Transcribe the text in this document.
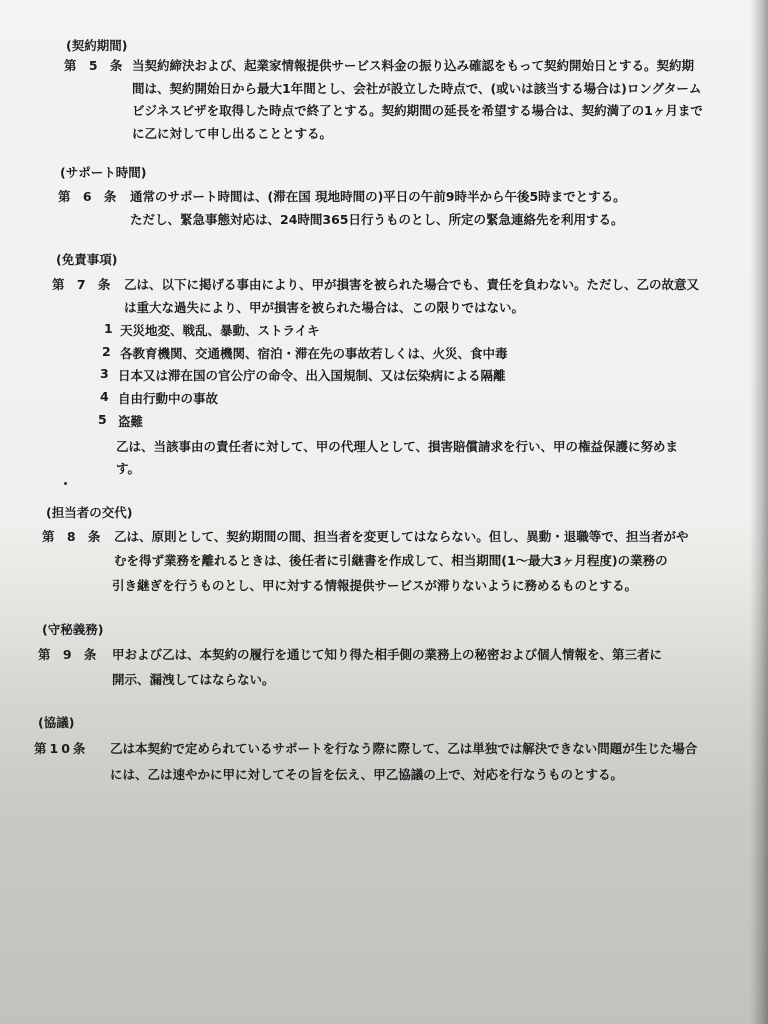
(契約期間)
第 5 条 当契約締決および、起業家情報提供サービス料金の振り込み確認をもって契約開始日とする。契約期
間は、契約開始日から最大1年間とし、会社が設立した時点で、(或いは該当する場合は)ロングターム
ビジネスビザを取得した時点で終了とする。契約期間の延長を希望する場合は、契約満了の1ヶ月まで
に乙に対して申し出ることとする。
(サポート時間)
第 6 条 通常のサポート時間は、(滞在国 現地時間の)平日の午前9時半から午後5時までとする。
ただし、緊急事態対応は、24時間365日行うものとし、所定の緊急連絡先を利用する。
(免責事項)
第 7 条 乙は、以下に掲げる事由により、甲が損害を被られた場合でも、責任を負わない。ただし、乙の故意又
は重大な過失により、甲が損害を被られた場合は、この限りではない。
1 天災地変、戦乱、暴動、ストライキ
2 各教育機関、交通機関、宿泊・滞在先の事故若しくは、火災、食中毒
3 日本又は滞在国の官公庁の命令、出入国規制、又は伝染病による隔離
4 自由行動中の事故
5 盗難
乙は、当該事由の責任者に対して、甲の代理人として、損害賠償請求を行い、甲の権益保護に努めま
す。
(担当者の交代)
第 8 条 乙は、原則として、契約期間の間、担当者を変更してはならない。但し、異動・退職等で、担当者がや
むを得ず業務を離れるときは、後任者に引継書を作成して、相当期間(1～最大3ヶ月程度)の業務の
引き継ぎを行うものとし、甲に対する情報提供サービスが滞りないように務めるものとする。
(守秘義務)
第 9 条 甲および乙は、本契約の履行を通じて知り得た相手側の業務上の秘密および個人情報を、第三者に
開示、漏洩してはならない。
(協議)
第10条 乙は本契約で定められているサポートを行なう際に際して、乙は単独では解決できない問題が生じた場合
には、乙は速やかに甲に対してその旨を伝え、甲乙協議の上で、対応を行なうものとする。
